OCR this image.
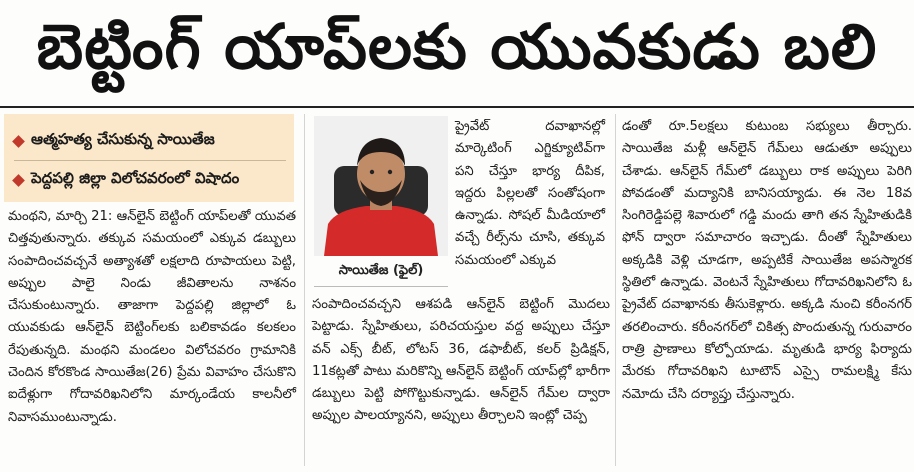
బెట్టింగ్ యాప్‌లకు యువకుడు బలి
ఆత్మహత్య చేసుకున్న సాయితేజ
పెద్దపల్లి జిల్లా విలోచవరంలో విషాదం

మంథని, మార్చి 21: ఆన్‌లైన్ బెట్టింగ్ యాప్‌లతో యువత చిత్తవుతున్నారు. తక్కువ సమయంలో ఎక్కువ డబ్బులు సంపాదించవచ్చనే అత్యాశతో లక్షలాది రూపాయలు పెట్టి, అప్పుల పాలై నిండు జీవితాలను నాశనం చేసుకుంటున్నారు. తాజాగా పెద్దపల్లి జిల్లాలో ఓ యువకుడు ఆన్‌లైన్ బెట్టింగ్‌లకు బలికావడం కలకలం రేపుతున్నది. మంథని మండలం విలోచవరం గ్రామానికి చెందిన కోరకొండ సాయితేజ(26) ప్రేమ వివాహం చేసుకొని ఐదేళ్లుగా గోదావరిఖనిలోని మార్కండేయ కాలనీలో నివాసముంటున్నాడు.

సాయితేజ (ఫైల్)

ప్రైవేట్ దవాఖానల్లో మార్కెటింగ్ ఎగ్జిక్యూటివ్‌గా పని చేస్తూ భార్య దీపిక, ఇద్దరు పిల్లలతో సంతోషంగా ఉన్నాడు. సోషల్ మీడియాలో వచ్చే రీల్స్‌ను చూసి, తక్కువ సమయంలో ఎక్కువ

సంపాదించవచ్చని ఆశపడి ఆన్‌లైన్ బెట్టింగ్ మొదలు పెట్టాడు. స్నేహితులు, పరిచయస్తుల వద్ద అప్పులు చేస్తూ వన్ ఎక్స్ బీట్, లోటస్ 36, డఫాబీట్, కలర్ ప్రిడిక్షన్, 11కట్లతో పాటు మరికొన్ని ఆన్‌లైన్ బెట్టింగ్ యాప్‌ల్లో భారీగా డబ్బులు పెట్టి పోగొట్టుకున్నాడు. ఆన్‌లైన్ గేమ్‌ల ద్వారా అప్పుల పాలయ్యానని, అప్పులు తీర్చాలని ఇంట్లో చెప్ప

డంతో రూ.5లక్షలు కుటుంబ సభ్యులు తీర్చారు. సాయితేజ మళ్లీ ఆన్‌లైన్ గేమ్‌లు ఆడుతూ అప్పులు చేశాడు. ఆన్‌లైన్ గేమ్‌లో డబ్బులు రాక అప్పులు పెరిగి పోవడంతో మద్యానికి బానిసయ్యాడు. ఈ నెల 18వ సింగిరెడ్డిపల్లె శివారులో గడ్డి మందు తాగి తన స్నేహితుడికి ఫోన్ ద్వారా సమాచారం ఇచ్చాడు. దీంతో స్నేహితులు అక్కడికి వెళ్లి చూడగా, అప్పటికే సాయితేజ అపస్మారక స్థితిలో ఉన్నాడు. వెంటనే స్నేహితులు గోదావరిఖనిలోని ఓ ప్రైవేట్ దవాఖానకు తీసుకెళ్లారు. అక్కడి నుంచి కరీంనగర్ తరలించారు. కరీంనగర్‌లో చికిత్స పొందుతున్న గురువారం రాత్రి ప్రాణాలు కోల్పోయాడు. మృతుడి భార్య ఫిర్యాదు మేరకు గోదావరిఖని టూటౌన్ ఎస్సై రామలక్ష్మి కేసు నమోదు చేసి దర్యాప్తు చేస్తున్నారు.
